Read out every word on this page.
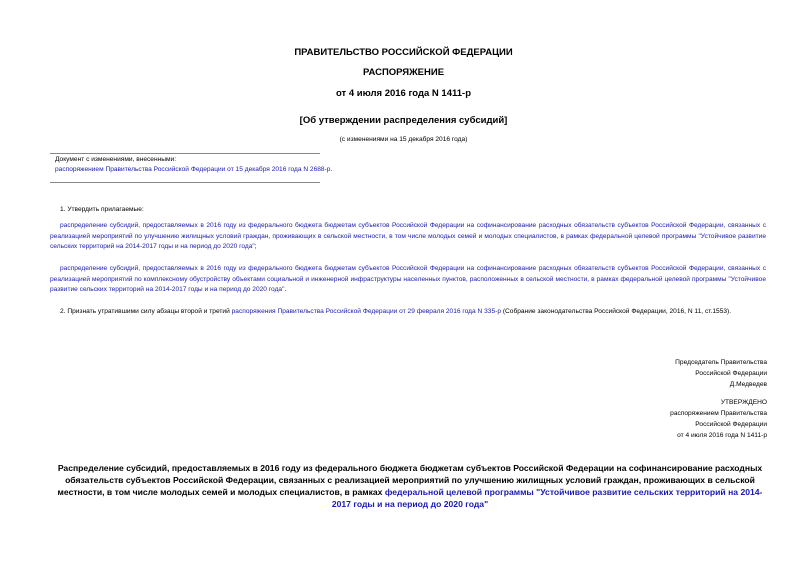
ПРАВИТЕЛЬСТВО РОССИЙСКОЙ ФЕДЕРАЦИИ
РАСПОРЯЖЕНИЕ
от 4 июля 2016 года N 1411-р
[Об утверждении распределения субсидий]
(с изменениями на 15 декабря 2016 года)
Документ с изменениями, внесенными:
распоряжением Правительства Российской Федерации от 15 декабря 2016 года N 2688-р.
1. Утвердить прилагаемые:
распределение субсидий, предоставляемых в 2016 году из федерального бюджета бюджетам субъектов Российской Федерации на софинансирование расходных обязательств субъектов Российской Федерации, связанных с реализацией мероприятий по улучшению жилищных условий граждан, проживающих в сельской местности, в том числе молодых семей и молодых специалистов, в рамках федеральной целевой программы "Устойчивое развитие сельских территорий на 2014-2017 годы и на период до 2020 года";
распределение субсидий, предоставляемых в 2016 году из федерального бюджета бюджетам субъектов Российской Федерации на софинансирование расходных обязательств субъектов Российской Федерации, связанных с реализацией мероприятий по комплексному обустройству объектами социальной и инженерной инфраструктуры населенных пунктов, расположенных в сельской местности, в рамках федеральной целевой программы "Устойчивое развитие сельских территорий на 2014-2017 годы и на период до 2020 года".
2. Признать утратившими силу абзацы второй и третий распоряжения Правительства Российской Федерации от 29 февраля 2016 года N 335-р (Собрание законодательства Российской Федерации, 2016, N 11, ст.1553).
Председатель Правительства
Российской Федерации
Д.Медведев
УТВЕРЖДЕНО
распоряжением Правительства
Российской Федерации
от 4 июля 2016 года N 1411-р
Распределение субсидий, предоставляемых в 2016 году из федерального бюджета бюджетам субъектов Российской Федерации на софинансирование расходных обязательств субъектов Российской Федерации, связанных с реализацией мероприятий по улучшению жилищных условий граждан, проживающих в сельской местности, в том числе молодых семей и молодых специалистов, в рамках федеральной целевой программы "Устойчивое развитие сельских территорий на 2014-2017 годы и на период до 2020 года"
